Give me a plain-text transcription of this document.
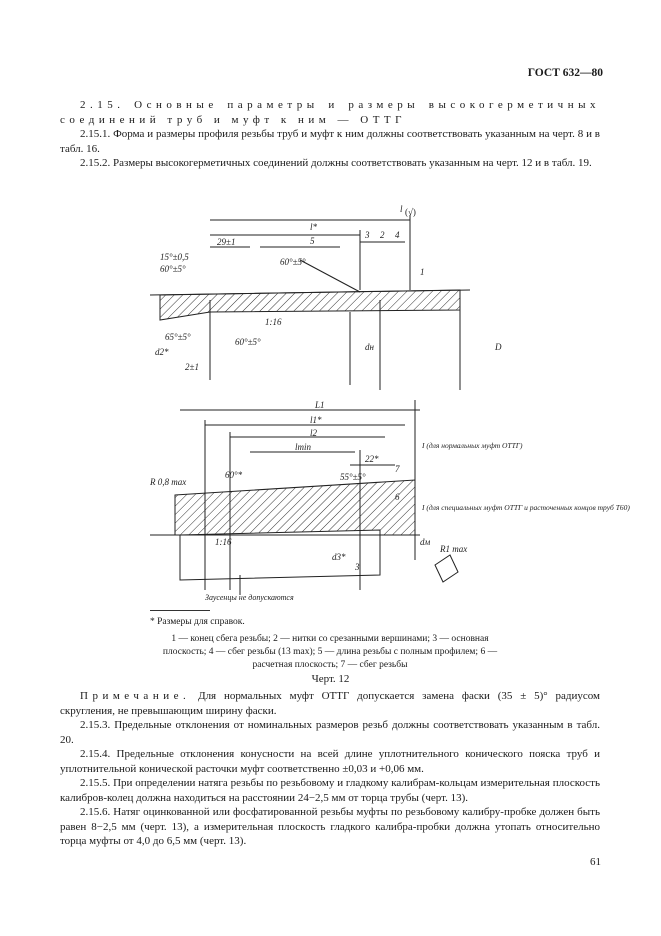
ГОСТ 632—80

2.15. Основные параметры и размеры высокогерметичных соединений труб и муфт к ним — ОТТГ

2.15.1. Форма и размеры профиля резьбы труб и муфт к ним должны соответствовать указанным на черт. 8 и в табл. 16.

2.15.2. Размеры высокогерметичных соединений должны соответствовать указанным на черт. 12 и в табл. 19.

l
l*
29±1	5
3 2 4
1
60°±5°
15°±0,5
60°±5°
1:16
65°±5°	60°±5°
2±1
D
dн
d2*
(√)
L1
l1*
l2
lmin
R 0,8 max
60°*	55°±5°
22*
1:16
3
7
6
R1 max
I (для нормальных муфт ОТТГ)
I (для специальных муфт ОТТГ и расточенных концов труб Т60)
Заусенцы не допускаются
d3*
dм
* Размеры для справок.
1 — конец сбега резьбы; 2 — нитки со срезанными вершинами; 3 — основная плоскость; 4 — сбег резьбы (13 max); 5 — длина резьбы с полным профилем; 6 — расчетная плоскость; 7 — сбег резьбы
Черт. 12

Примечание. Для нормальных муфт ОТТГ допускается замена фаски (35 ± 5)° радиусом скругления, не превышающим ширину фаски.

2.15.3. Предельные отклонения от номинальных размеров резьб должны соответствовать указанным в табл. 20.

2.15.4. Предельные отклонения конусности на всей длине уплотнительного конического пояска труб и уплотнительной конической расточки муфт соответственно ±0,03 и +0,06 мм.

2.15.5. При определении натяга резьбы по резьбовому и гладкому калибрам-кольцам измерительная плоскость калибров-колец должна находиться на расстоянии 24−2,5 мм от торца трубы (черт. 13).

2.15.6. Натяг оцинкованной или фосфатированной резьбы муфты по резьбовому калибру-пробке должен быть равен 8−2,5 мм (черт. 13), а измерительная плоскость гладкого калибра-пробки должна утопать относительно торца муфты от 4,0 до 6,5 мм (черт. 13).

61
